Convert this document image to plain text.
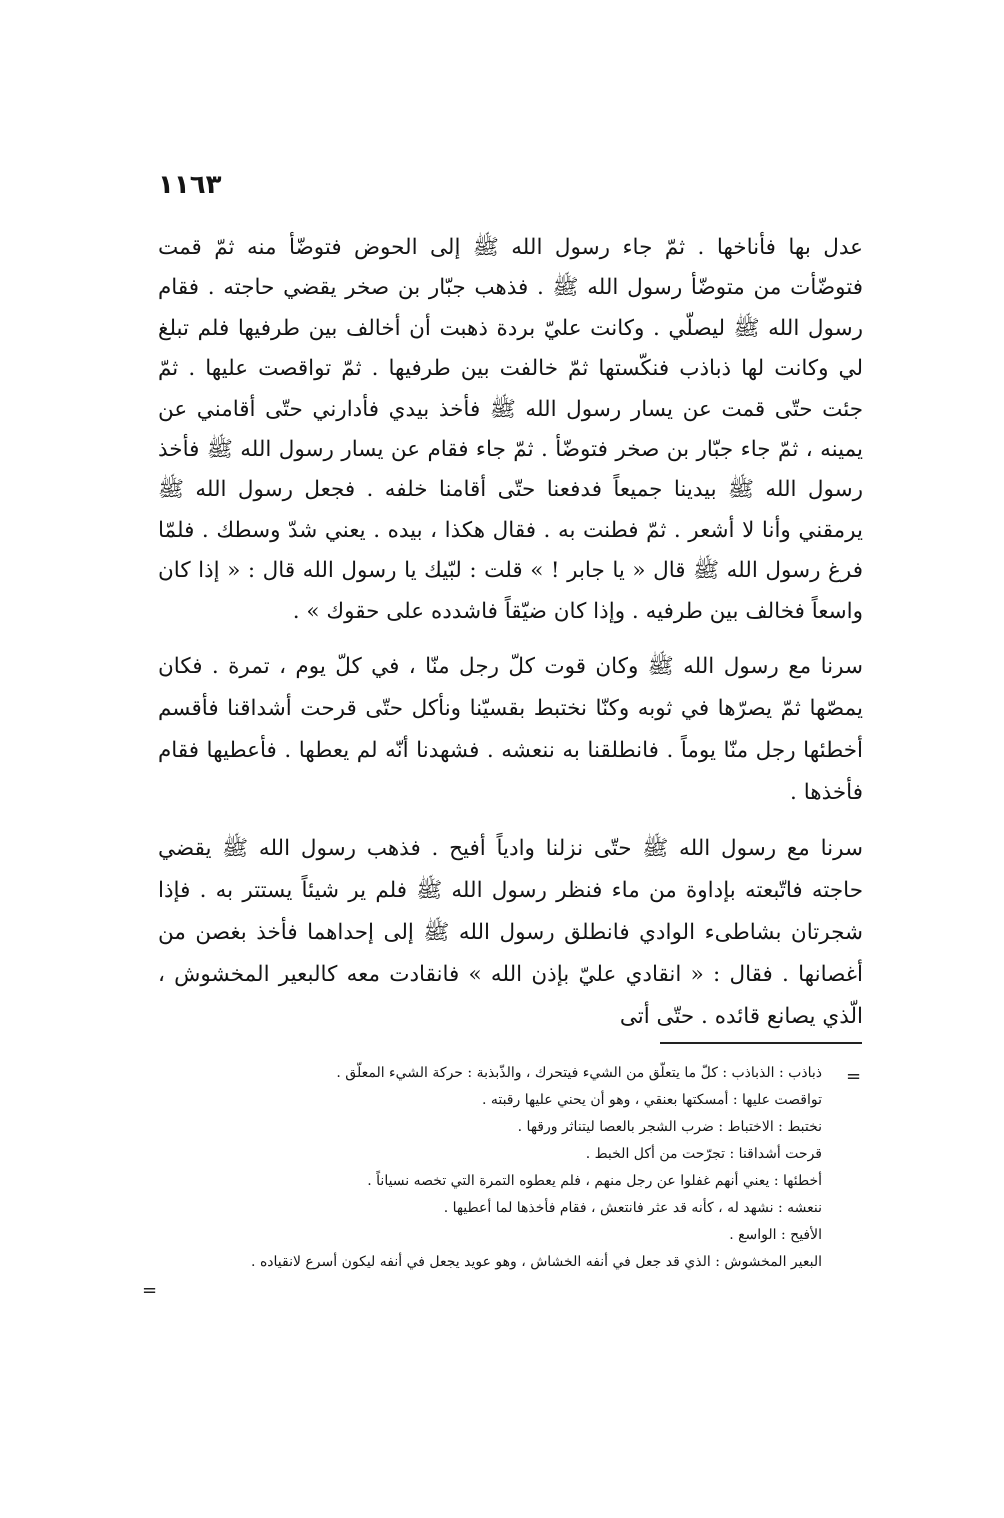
١١٦٣

عدل بها فأناخها . ثمّ جاء رسول الله ﷺ إلى الحوض فتوضّأ منه ثمّ قمت فتوضّأت من متوضّأ رسول الله ﷺ . فذهب جبّار بن صخر يقضي حاجته . فقام رسول الله ﷺ ليصلّي . وكانت عليّ بردة ذهبت أن أخالف بين طرفيها فلم تبلغ لي وكانت لها ذباذب فنكّستها ثمّ خالفت بين طرفيها . ثمّ تواقصت عليها . ثمّ جئت حتّى قمت عن يسار رسول الله ﷺ فأخذ بيدي فأدارني حتّى أقامني عن يمينه ، ثمّ جاء جبّار بن صخر فتوضّأ . ثمّ جاء فقام عن يسار رسول الله ﷺ فأخذ رسول الله ﷺ بيدينا جميعاً فدفعنا حتّى أقامنا خلفه . فجعل رسول الله ﷺ يرمقني وأنا لا أشعر . ثمّ فطنت به . فقال هكذا ، بيده . يعني شدّ وسطك . فلمّا فرغ رسول الله ﷺ قال « يا جابر ! » قلت : لبّيك يا رسول الله قال : « إذا كان واسعاً فخالف بين طرفيه . وإذا كان ضيّقاً فاشدده على حقوك » .

سرنا مع رسول الله ﷺ وكان قوت كلّ رجل منّا ، في كلّ يوم ، تمرة . فكان يمصّها ثمّ يصرّها في ثوبه وكنّا نختبط بقسيّنا ونأكل حتّى قرحت أشداقنا فأقسم أخطئها رجل منّا يوماً . فانطلقنا به ننعشه . فشهدنا أنّه لم يعطها . فأعطيها فقام فأخذها .

سرنا مع رسول الله ﷺ حتّى نزلنا وادياً أفيح . فذهب رسول الله ﷺ يقضي حاجته فاتّبعته بإداوة من ماء فنظر رسول الله ﷺ فلم ير شيئاً يستتر به . فإذا شجرتان بشاطىء الوادي فانطلق رسول الله ﷺ إلى إحداهما فأخذ بغصن من أغصانها . فقال : « انقادي عليّ بإذن الله » فانقادت معه كالبعير المخشوش ، الّذي يصانع قائده . حتّى أتى

=

ذباذب : الذباذب : كلّ ما يتعلّق من الشيء فيتحرك ، والذّبذبة : حركة الشيء المعلّق .

تواقصت عليها : أمسكتها بعنقي ، وهو أن يحني عليها رقبته .

نختبط : الاختباط : ضرب الشجر بالعصا ليتناثر ورقها .

قرحت أشداقنا : تجرّحت من أكل الخبط .

أخطئها : يعني أنهم غفلوا عن رجل منهم ، فلم يعطوه التمرة التي تخصه نسياناً .

ننعشه : نشهد له ، كأنه قد عثر فانتعش ، فقام فأخذها لما أعطيها .

الأفيح : الواسع .

البعير المخشوش : الذي قد جعل في أنفه الخشاش ، وهو عويد يجعل في أنفه ليكون أسرع لانقياده .

=
